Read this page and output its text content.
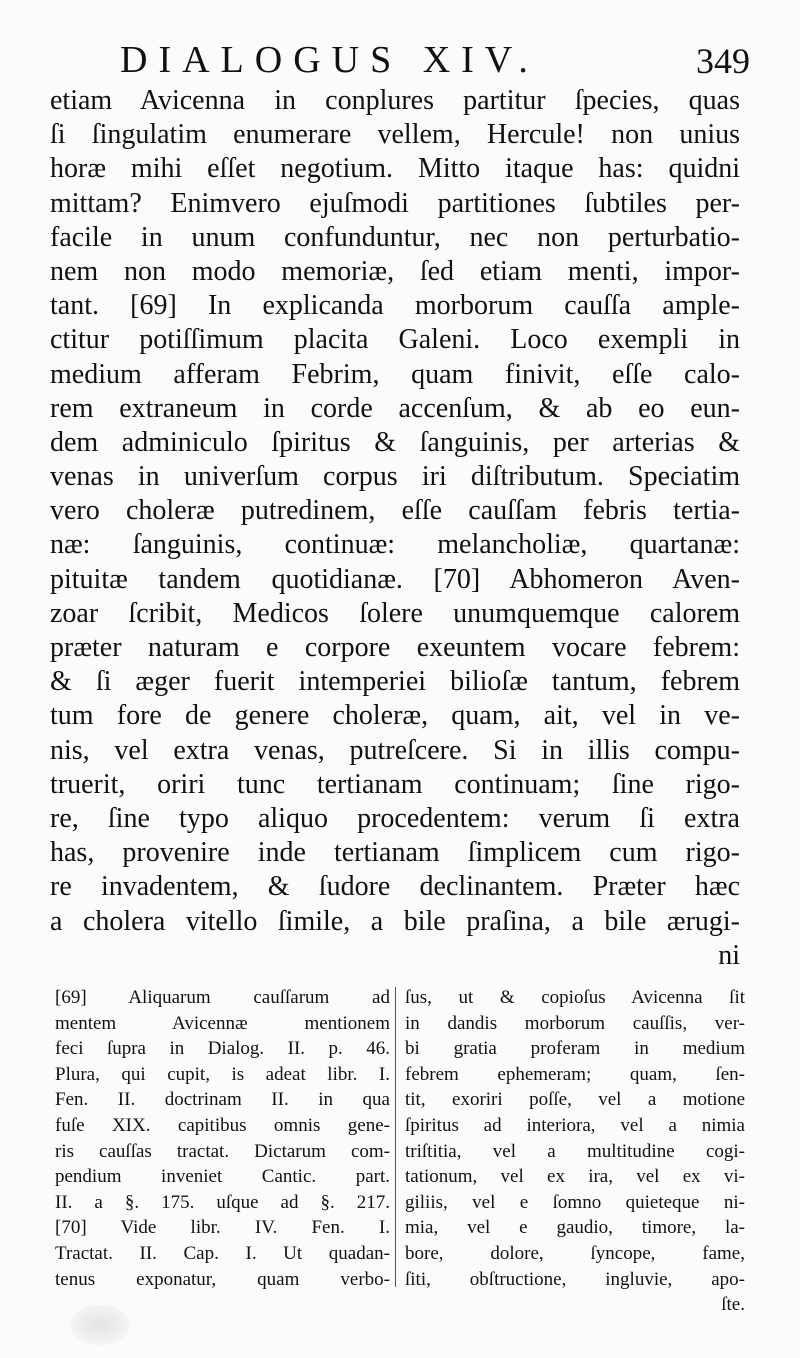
DIALOGUS XIV.	349
etiam Avicenna in conplures partitur ſpecies, quas
ſi ſingulatim enumerare vellem, Hercule! non unius
horæ mihi eſſet negotium. Mitto itaque has: quidni
mittam? Enimvero ejuſmodi partitiones ſubtiles per-
facile in unum confunduntur, nec non perturbatio-
nem non modo memoriæ, ſed etiam menti, impor-
tant. [69] In explicanda morborum cauſſa ample-
ctitur potiſſimum placita Galeni. Loco exempli in
medium afferam Febrim, quam finivit, eſſe calo-
rem extraneum in corde accenſum, & ab eo eun-
dem adminiculo ſpiritus & ſanguinis, per arterias &
venas in univerſum corpus iri diſtributum. Speciatim
vero choleræ putredinem, eſſe cauſſam febris tertia-
næ: ſanguinis, continuæ: melancholiæ, quartanæ:
pituitæ tandem quotidianæ. [70] Abhomeron Aven-
zoar ſcribit, Medicos ſolere unumquemque calorem
præter naturam e corpore exeuntem vocare febrem:
& ſi æger fuerit intemperiei bilioſæ tantum, febrem
tum fore de genere choleræ, quam, ait, vel in ve-
nis, vel extra venas, putreſcere. Si in illis compu-
truerit, oriri tunc tertianam continuam; ſine rigo-
re, ſine typo aliquo procedentem: verum ſi extra
has, provenire inde tertianam ſimplicem cum rigo-
re invadentem, & ſudore declinantem. Præter hæc
a cholera vitello ſimile, a bile praſina, a bile ærugi-
ni
[69] Aliquarum cauſſarum ad
mentem Avicennæ mentionem
feci ſupra in Dialog. II. p. 46.
Plura, qui cupit, is adeat libr. I.
Fen. II. doctrinam II. in qua
fuſe XIX. capitibus omnis gene-
ris cauſſas tractat. Dictarum com-
pendium inveniet Cantic. part.
II. a §. 175. uſque ad §. 217.
[70] Vide libr. IV. Fen. I.
Tractat. II. Cap. I. Ut quadan-
tenus exponatur, quam verbo-
ſus, ut & copioſus Avicenna ſit
in dandis morborum cauſſis, ver-
bi gratia proferam in medium
febrem ephemeram; quam, ſen-
tit, exoriri poſſe, vel a motione
ſpiritus ad interiora, vel a nimia
triſtitia, vel a multitudine cogi-
tationum, vel ex ira, vel ex vi-
giliis, vel e ſomno quieteque ni-
mia, vel e gaudio, timore, la-
bore, dolore, ſyncope, fame,
ſiti, obſtructione, ingluvie, apo-
ſte.
